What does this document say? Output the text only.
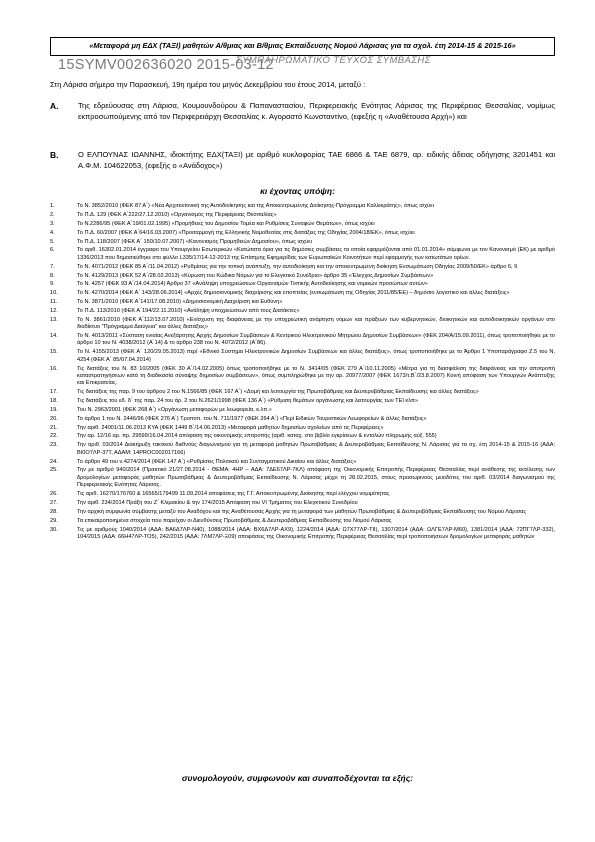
«Μεταφορά μη ΕΔΧ (ΤΑΞΙ) μαθητών Α/θμιας και Β/θμιας Εκπαίδευσης Νομού Λάρισας για τα σχολ. έτη 2014-15 & 2015-16»
15SYMV002636020 2015-03-12
ΣΥΜΠΛΗΡΩΜΑΤΙΚΟ ΤΕΥΧΟΣ ΣΥΜΒΑΣΗΣ
Στη Λάρισα σήμερα την Παρασκευή, 19η ημέρα του μηνός Δεκεμβρίου του έτους 2014, μεταξύ :
Α.	Της εδρεύουσας στη Λάρισα, Κουμουνδούρου & Παπαναστασίου, Περιφερειακής Ενότητας Λάρισας της Περιφέρειας Θεσσαλίας, νομίμως εκπροσωπούμενης από τον Περιφερειάρχη Θεσσαλίας κ. Αγοραστό Κωνσταντίνο, (εφεξής η «Αναθέτουσα Αρχή») και
Β.	Ο ΕΛΠΟΥΝΑΣ ΙΩΑΝΝΗΣ, ιδιοκτήτης ΕΔΧ(ΤΑΞΙ) με αριθμό κυκλοφορίας ΤΑΕ 6866 & ΤΑΕ 6879, αρ. ειδικής άδειας οδήγησης 3201451 και Α.Φ.Μ. 104622053, (εφεξής ο «Ανάδοχος»)
κι έχοντας υπόψη:
1.	Το Ν. 3852/2010 (ΦΕΚ 87 Α΄) «Νέα Αρχιτεκτονική της Αυτοδιοίκησης και της Αποκεντρωμένης Διοίκησης-Πρόγραμμα Καλλικράτης», όπως ισχύει
2.	Το Π.Δ. 129 (ΦΕΚ Α΄222/27.12.2010) «Οργανισμός της Περιφέρειας Θεσσαλίας»
3.	Το Ν.2286/95 (ΦΕΚ Α΄19/01.02.1995) «Προμήθειες του Δημοσίου Τομέα και Ρυθμίσεις Συναφών Θεμάτων», όπως ισχύει
4.	Το Π.Δ. 60/2007 (ΦΕΚ Α΄64/16.03.2007) «Προσαρμογή της Ελληνικής Νομοθεσίας στις διατάξεις της Οδηγίας 2004/18/ΕΚ», όπως ισχύει
5.	Το Π.Δ. 118/2007 (ΦΕΚ Α΄ 150/10.07.2007) «Κανονισμός Προμηθειών Δημοσίου», όπως ισχύει
6.	Το αριθ. 16302.01.2014 έγγραφο του Υπουργείου Εσωτερικών «Κατώτατα όρια για τις δημόσιες συμβάσεις τα οποία εφαρμόζονται από 01.01.2014» σύμφωνα με τον Κανονισμό (ΕΚ) με αριθμό 1336/2013 που δημοσιεύθηκε στο φύλλο L335/17/14-12-2013 της Επίσημης Εφημερίδας των Ευρωπαϊκών Κοινοτήτων περί εφαρμογής των κατωτάτων ορίων.
7.	Το Ν. 4071/2012 (ΦΕΚ 85 Α΄/11.04.2012) «Ρυθμίσεις για την τοπική ανάπτυξη, την αυτοδιοίκηση και την αποκεντρωμένη διοίκηση Ενσωμάτωση Οδηγίας 2009/50/ΕΚ» άρθρο 6, 9
8.	Το Ν. 4129/2013 (ΦΕΚ 52 Α΄/28.02.2013) «Κύρωση του Κώδικα Νόμων για το Ελεγκτικό Συνέδριο» άρθρο 35 «Έλεγχος Δημοσίων Συμβάσεων»
9.	Το Ν. 4257 (ΦΕΚ 93 Α΄/14.04.2014) Άρθρο 37 «Ανάληψη υποχρεώσεων Οργανισμών Τοπικής Αυτοδιοίκησης και νομικών προσώπων αυτών»
10.	Το Ν. 4270/2014 (ΦΕΚ Α΄ 143/28.06.2014) «Αρχές δημοσιονομικής διαχείρισης και εποπτείας (ενσωμάτωση της Οδηγίας 2011/85/ΕΕ) – δημόσιο λογιστικό και άλλες διατάξεις»
11.	Το Ν. 3871/2010 (ΦΕΚ Α΄141/17.08.2010) «Δημοσιονομική Διαχείριση και Ευθύνη»
12.	Το Π.Δ. 113/2010 (ΦΕΚ Α΄194/22.11.2010) «Ανάληψη υποχρεώσεων από τους Διατάκτες»
13.	Το Ν. 3861/2010 (ΦΕΚ Α΄112/13.07.2010) «Ενίσχυση της διαφάνειας με την υποχρεωτική ανάρτηση νόμων και πράξεων των κυβερνητικών, διοικητικών και αυτοδιοικητικών οργάνων στο διαδίκτυο "Πρόγραμμα Διαύγεια" και άλλες διατάξεις»
14.	Το Ν. 4013/2011 «Σύσταση ενιαίας Ανεξάρτητης Αρχής Δημοσίων Συμβάσεων & Κεντρικού Ηλεκτρονικού Μητρώου Δημοσίων Συμβάσεων» (ΦΕΚ 204/Α/15.09.2011), όπως τροποποιήθηκε με το άρθρο 10 του Ν. 4038/2012 (Α΄14) & το άρθρο 238 του Ν. 4072/2012 (Α΄86).
15.	Το Ν. 4155/2013 (ΦΕΚ Α΄ 120/29.05.2013) περί «Εθνικό Σύστημα Ηλεκτρονικών Δημοσίων Συμβάσεων και άλλες διατάξεις», όπως τροποποιήθηκε με το Άρθρο 1 Υποπαράγραφο Ζ.5 του Ν. 4254 (ΦΕΚ Α΄ 85/07.04.2014)
16.	Τις διατάξεις του Ν. 83 10/2005 (ΦΕΚ 30 Α΄/14.02.2005) όπως τροποποιήθηκε με το Ν. 3414/05 (ΦΕΚ 279 Α΄/10.11.2005) «Μέτρα για τη διασφάλιση της διαφάνειας και την αποτροπή καταστρατηγήσεων κατά τη διαδικασία σύναψης δημοσίων συμβάσεων», όπως συμπληρώθηκε με την αρ. 20977/2007 (ΦΕΚ 1673/τ.Β΄/23.8.2007) Κοινή απόφαση των Υπουργών Ανάπτυξης και Επικρατείας.
17.	Τις διατάξεις της παρ. 9 του άρθρου 2 του Ν.1566/85 (ΦΕΚ 167 Α΄) «Δομή και λειτουργία της Πρωτοβάθμιας και Δευτεροβάθμιας Εκπαίδευσης και άλλες διατάξεις»
18.	Τις διατάξεις του εδ. δ΄ της παρ. 24 του άρ. 2 του Ν.2621/1998 (ΦΕΚ 136 Α΄) «Ρύθμιση θεμάτων οργάνωσης και λειτουργίας των ΤΕΙ κλπ»
19.	Του Ν. 2963/2001 (ΦΕΚ 268 Α΄) «Οργάνωση μεταφορών με λεωφορεία, κ.λπ.»
20.	Το άρθρο 1 του Ν. 2446/96 (ΦΕΚ 276 Α΄) Τροποπ. του Ν. 711/1977 (ΦΕΚ 264 Α΄) «Περί Ειδικών Τουριστικών Λεωφορείων & άλλες διατάξεις»
21.	Την αριθ. 24001/11.06.2013 ΚΥΑ (ΦΕΚ 1449 Β΄/14.06.2013) «Μεταφορά μαθητών δημοσίων σχολείων από τις Περιφέρειες»
22.	Την αρ. 12/16 αρ. πρ. 29599/16.04.2014 απόφαση της οικονομικής επιτροπής (αριθ. καταχ. στο βιβλίο εγκρίσεων & εντολών πληρωμής αύξ. 555)
23.	Την αριθ. 03/2014 Διακήρυξη τακτικού διεθνούς διαγωνισμού για τη μεταφορά μαθητών Πρωτοβάθμιας & Δευτεροβάθμιας Εκπαίδευσης Ν. Λάρισας για τα σχ. έτη 2014-15 & 2015-16 (ΑΔΑ: ΒΙ0Ο7ΛΡ-37Τ, ΑΔΑΜ: 14PROC002017166)
24.	Το άρθρο 49 του ν.4274/2014 (ΦΕΚ 147 Α΄) «Ρυθμίσεις Πολιτικού και Συνταγματικού Δικαίου και άλλες διατάξεις»
25.	Την με αριθμό 940/2014 (Πρακτικό 21/27.08.2014 - ΘΕΜΑ: 4ΗΡ – ΑΔΑ: 7ΔΕ67ΛΡ-7ΚΛ) απόφαση της Οικονομικής Επιτροπής Περιφέρειας Θεσσαλίας περί ανάθεσης της εκτέλεσης των δρομολογίων μεταφοράς μαθητών Πρωτοβάθμιας & Δευτεροβάθμιας Εκπαίδευσης Ν. Λάρισας μέχρι τη 28.02.2015, στους προσωρινούς μειοδότες του αριθ. 03/2014 διαγωνισμού της Περιφερειακής Ενότητας Λάρισας.
26.	Τις αριθ. 16270/176760 & 16565/179499 11.09.2014 αποφάσεις της Γ.Γ. Αποκεντρωμένης Διοίκησης περί ελέγχου νομιμότητας
27.	Την αριθ. 234/2014 Πράξη του Ζ΄ Κλιμακίου & την 174/2015 Απόφαση του VI Τμήματος του Ελεγκτικού Συνεδρίου
28.	Την αρχική συμφωνία σύμβασης μεταξύ του Αναδόχου και της Αναθέτουσας Αρχής για τη μεταφορά των μαθητών Πρωτοβάθμιας & Δευτεροβάθμιας Εκπαίδευσης του Νομού Λάρισας
29.	Τα επικαιροποιημένα στοιχεία που παρείχαν οι Διευθύνσεις Πρωτοβάθμιας & Δευτεροβάθμιας Εκπαίδευσης του Νομού Λάρισας
30.	Τις με αριθμούς 1040/2014 (ΑΔΑ: ΒΑ6Δ7ΛΡ-Ν40), 1088/2014 (ΑΔΑ: ΒΧ6Δ7ΛΡ-ΑΧ9), 1224/2014 (ΑΔΑ: Ω7Χ77ΛΡ-ΤΙΙ), 1307/2014 (ΑΔΑ: ΩΛΓΕ7ΛΡ-Μ60), 1381/2014 (ΑΔΑ: 72ΠΓ7ΛΡ-332), 104/2015 (ΑΔΑ: 66Η47ΛΡ-ΤΟ5), 242/2015 (ΑΔΑ: 7ΛΜ7ΛΡ-Ξ09) αποφάσεις της Οικονομικής Επιτροπής Περιφέρειας Θεσσαλίας περί τροποποιήσεων δρομολογίων μεταφοράς μαθητών
συνομολογούν, συμφωνούν και συναποδέχονται τα εξής:
